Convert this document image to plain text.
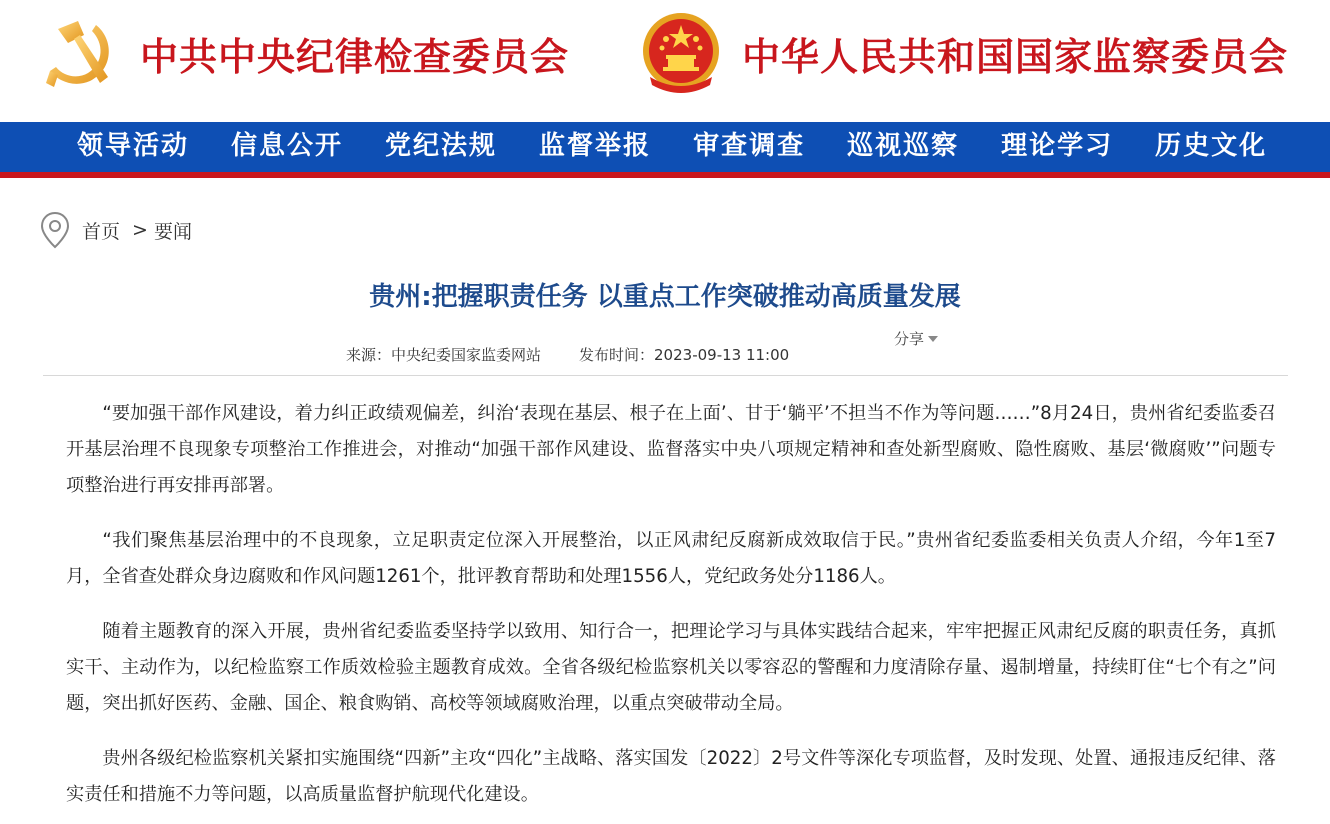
中共中央纪律检查委员会	中华人民共和国国家监察委员会
领导活动	信息公开	党纪法规	监督举报	审查调查	巡视巡察	理论学习	历史文化
首页 > 要闻
贵州:把握职责任务 以重点工作突破推动高质量发展
分享
来源：中央纪委国家监委网站	发布时间：2023-09-13 11:00

“要加强干部作风建设，着力纠正政绩观偏差，纠治‘表现在基层、根子在上面’、甘于‘躺平’不担当不作为等问题……”8月24日，贵州省纪委监委召开基层治理不良现象专项整治工作推进会，对推动“加强干部作风建设、监督落实中央八项规定精神和查处新型腐败、隐性腐败、基层‘微腐败’”问题专项整治进行再安排再部署。

“我们聚焦基层治理中的不良现象，立足职责定位深入开展整治，以正风肃纪反腐新成效取信于民。”贵州省纪委监委相关负责人介绍，今年1至7月，全省查处群众身边腐败和作风问题1261个，批评教育帮助和处理1556人，党纪政务处分1186人。

随着主题教育的深入开展，贵州省纪委监委坚持学以致用、知行合一，把理论学习与具体实践结合起来，牢牢把握正风肃纪反腐的职责任务，真抓实干、主动作为，以纪检监察工作质效检验主题教育成效。全省各级纪检监察机关以零容忍的警醒和力度清除存量、遏制增量，持续盯住“七个有之”问题，突出抓好医药、金融、国企、粮食购销、高校等领域腐败治理，以重点突破带动全局。

贵州各级纪检监察机关紧扣实施围绕“四新”主攻“四化”主战略、落实国发〔2022〕2号文件等深化专项监督，及时发现、处置、通报违反纪律、落实责任和措施不力等问题，以高质量监督护航现代化建设。
